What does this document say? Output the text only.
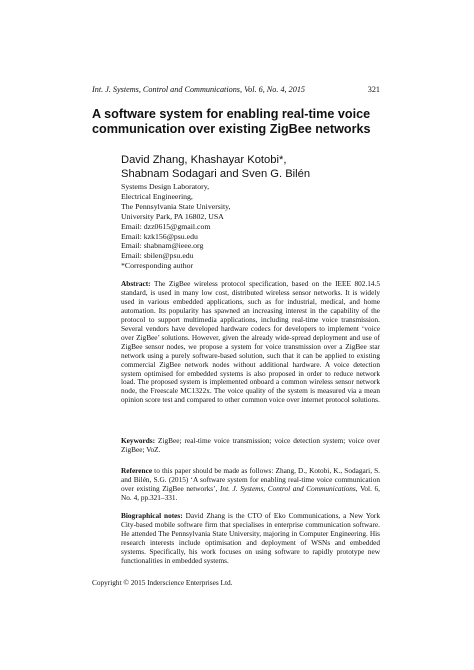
Int. J. Systems, Control and Communications, Vol. 6, No. 4, 2015	321
A software system for enabling real-time voice communication over existing ZigBee networks
David Zhang, Khashayar Kotobi*,
Shabnam Sodagari and Sven G. Bilén
Systems Design Laboratory,
Electrical Engineering,
The Pennsylvania State University,
University Park, PA 16802, USA
Email: dzz0615@gmail.com
Email: kzk156@psu.edu
Email: shabnam@ieee.org
Email: sbilen@psu.edu
*Corresponding author
Abstract: The ZigBee wireless protocol specification, based on the IEEE 802.14.5 standard, is used in many low cost, distributed wireless sensor networks. It is widely used in various embedded applications, such as for industrial, medical, and home automation. Its popularity has spawned an increasing interest in the capability of the protocol to support multimedia applications, including real-time voice transmission. Several vendors have developed hardware codecs for developers to implement ‘voice over ZigBee’ solutions. However, given the already wide-spread deployment and use of ZigBee sensor nodes, we propose a system for voice transmission over a ZigBee star network using a purely software-based solution, such that it can be applied to existing commercial ZigBee network nodes without additional hardware. A voice detection system optimised for embedded systems is also proposed in order to reduce network load. The proposed system is implemented onboard a common wireless sensor network node, the Freescale MC1322x. The voice quality of the system is measured via a mean opinion score test and compared to other common voice over internet protocol solutions.
Keywords: ZigBee; real-time voice transmission; voice detection system; voice over ZigBee; VoZ.
Reference to this paper should be made as follows: Zhang, D., Kotobi, K., Sodagari, S. and Bilén, S.G. (2015) ‘A software system for enabling real-time voice communication over existing ZigBee networks’, Int. J. Systems, Control and Communications, Vol. 6, No. 4, pp.321–331.
Biographical notes: David Zhang is the CTO of Eko Communications, a New York City-based mobile software firm that specialises in enterprise communication software. He attended The Pennsylvania State University, majoring in Computer Engineering. His research interests include optimisation and deployment of WSNs and embedded systems. Specifically, his work focuses on using software to rapidly prototype new functionalities in embedded systems.
Copyright © 2015 Inderscience Enterprises Ltd.
